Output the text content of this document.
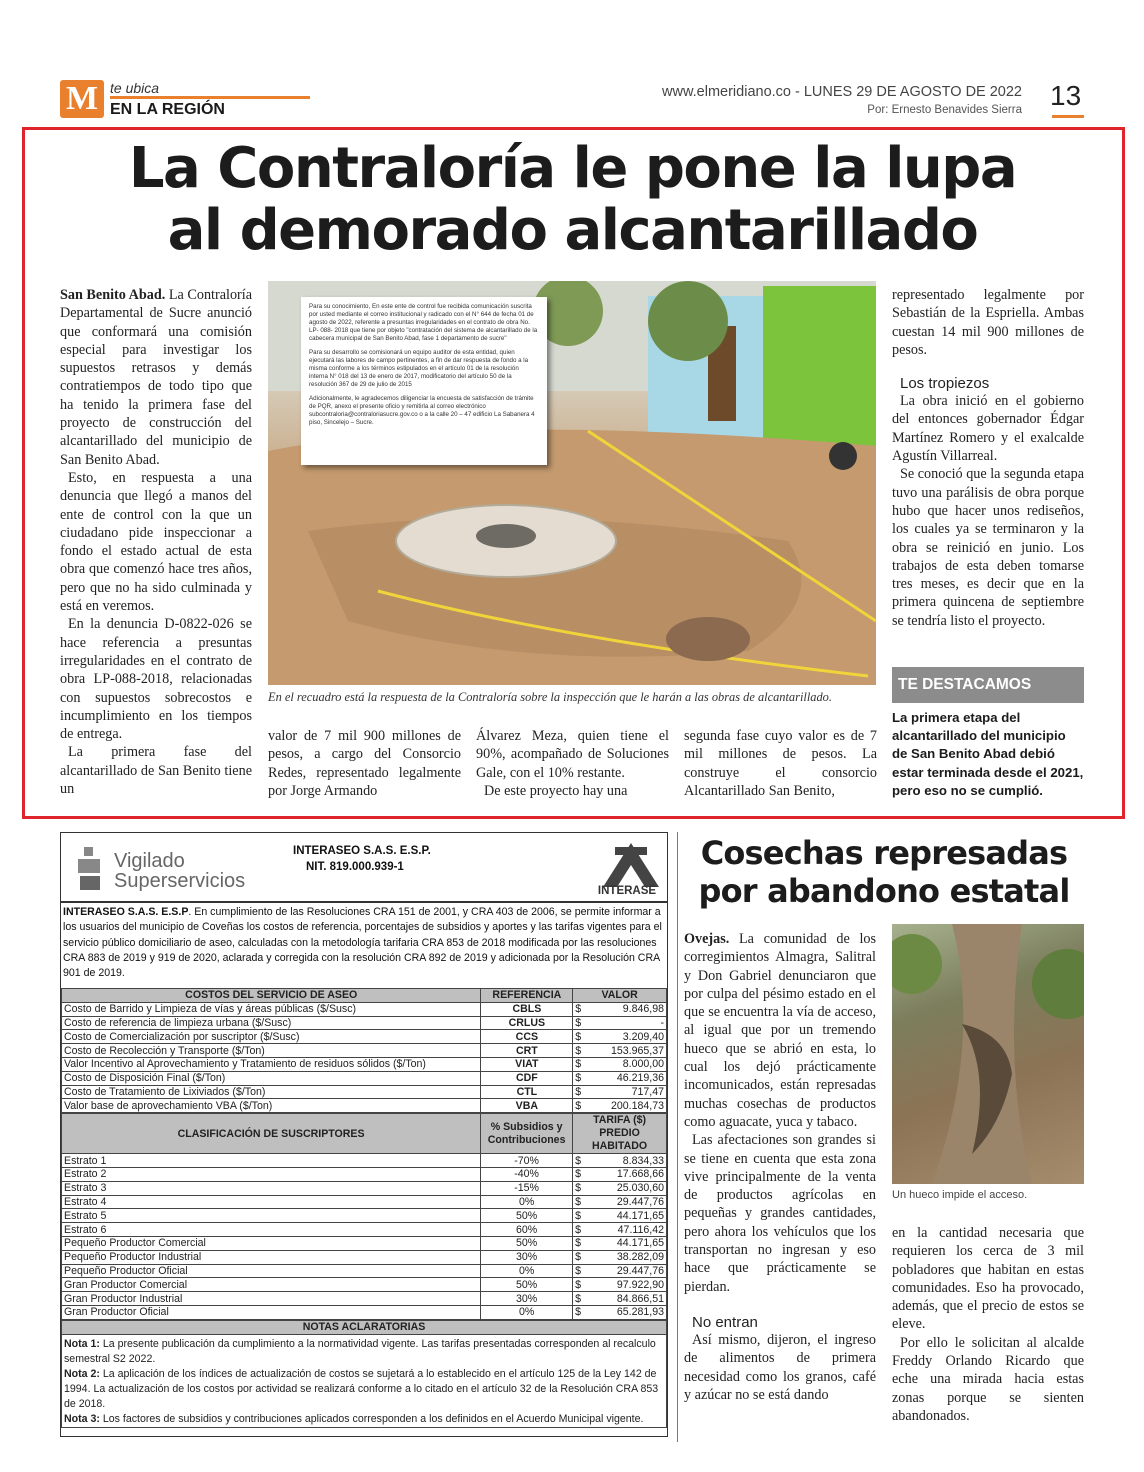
M te ubica
EN LA REGIÓN
www.elmeridiano.co - LUNES 29 DE AGOSTO DE 2022
Por: Ernesto Benavides Sierra 13
La Contraloría le pone la lupa
al demorado alcantarillado

San Benito Abad. La Contraloría Departamental de Sucre anunció que conformará una comisión especial para investigar los supuestos retrasos y demás contratiempos de todo tipo que ha tenido la primera fase del proyecto de construcción del alcantarillado del municipio de San Benito Abad.

Esto, en respuesta a una denuncia que llegó a manos del ente de control con la que un ciudadano pide inspeccionar a fondo el estado actual de esta obra que comenzó hace tres años, pero que no ha sido culminada y está en veremos.

En la denuncia D-0822-026 se hace referencia a presuntas irregularidades en el contrato de obra LP-088-2018, relacionadas con supuestos sobrecostos e incumplimiento en los tiempos de entrega.

La primera fase del alcantarillado de San Benito tiene un

Para su conocimiento, En este ente de control fue recibida comunicación suscrita por usted mediante el correo institucional y radicado con el N° 644 de fecha 01 de agosto de 2022, referente a presuntas irregularidades en el contrato de obra No. LP- 088- 2018 que tiene por objeto "contratación del sistema de alcantarillado de la cabecera municipal de San Benito Abad, fase 1 departamento de sucre"

Para su desarrollo se comisionará un equipo auditor de esta entidad, quien ejecutará las labores de campo pertinentes, a fin de dar respuesta de fondo a la misma conforme a los términos estipulados en el artículo 01 de la resolución interna N° 018 del 13 de enero de 2017, modificatorio del artículo 50 de la resolución 367 de 29 de julio de 2015

Adicionalmente, le agradecemos diligenciar la encuesta de satisfacción de trámite de PQR, anexo el presente oficio y remitirla al correo electrónico subcontraloria@contraloriasucre.gov.co o a la calle 20 – 47 edificio La Sabanera 4 piso, Sincelejo – Sucre.

En el recuadro está la respuesta de la Contraloría sobre la inspección que le harán a las obras de alcantarillado.

valor de 7 mil 900 millones de pesos, a cargo del Consorcio Redes, representado legalmente por Jorge Armando

Álvarez Meza, quien tiene el 90%, acompañado de Soluciones Gale, con el 10% restante.

De este proyecto hay una

segunda fase cuyo valor es de 7 mil millones de pesos. La construye el consorcio Alcantarillado San Benito,

representado legalmente por Sebastián de la Espriella. Ambas cuestan 14 mil 900 millones de pesos.

Los tropiezos

La obra inició en el gobierno del entonces gobernador Édgar Martínez Romero y el exalcalde Agustín Villarreal.

Se conoció que la segunda etapa tuvo una parálisis de obra porque hubo que hacer unos rediseños, los cuales ya se terminaron y la obra se reinició en junio. Los trabajos de esta deben tomarse tres meses, es decir que en la primera quincena de septiembre se tendría listo el proyecto.

TE DESTACAMOS
La primera etapa del alcantarillado del municipio de San Benito Abad debió estar terminada desde el 2021, pero eso no se cumplió.
Vigilado
Superservicios
INTERASEO S.A.S. E.S.P.
NIT. 819.000.939-1
INTERASE
INTERASEO S.A.S. E.S.P. En cumplimiento de las Resoluciones CRA 151 de 2001, y CRA 403 de 2006, se permite informar a los usuarios del municipio de Coveñas los costos de referencia, porcentajes de subsidios y aportes y las tarifas vigentes para el servicio público domiciliario de aseo, calculadas con la metodología tarifaria CRA 853 de 2018 modificada por las resoluciones CRA 883 de 2019 y 919 de 2020, aclarada y corregida con la resolución CRA 892 de 2019 y adicionada por la Resolución CRA 901 de 2019.
COSTOS DEL SERVICIO DE ASEO	REFERENCIA	VALOR	
Costo de Barrido y Limpieza de vías y áreas públicas ($/Susc)	CBLS	$	9.846,98
Costo de referencia de limpieza urbana ($/Susc)	CRLUS	$	-
Costo de Comercialización por suscriptor ($/Susc)	CCS	$	3.209,40
Costo de Recolección y Transporte ($/Ton)	CRT	$	153.965,37
Valor Incentivo al Aprovechamiento y Tratamiento de residuos sólidos ($/Ton)	VIAT	$	8.000,00
Costo de Disposición Final ($/Ton)	CDF	$	46.219,36
Costo de Tratamiento de Lixiviados ($/Ton)	CTL	$	717,47
Valor base de aprovechamiento VBA ($/Ton)	VBA	$	200.184,73
CLASIFICACIÓN DE SUSCRIPTORES	% Subsidios y Contribuciones	TARIFA ($) PREDIO HABITADO	
Estrato 1	-70%	$	8.834,33
Estrato 2	-40%	$	17.668,66
Estrato 3	-15%	$	25.030,60
Estrato 4	0%	$	29.447,76
Estrato 5	50%	$	44.171,65
Estrato 6	60%	$	47.116,42
Pequeño Productor Comercial	50%	$	44.171,65
Pequeño Productor Industrial	30%	$	38.282,09
Pequeño Productor Oficial	0%	$	29.447,76
Gran Productor Comercial	50%	$	97.922,90
Gran Productor Industrial	30%	$	84.866,51
Gran Productor Oficial	0%	$	65.281,93
NOTAS ACLARATORIAS

Nota 1: La presente publicación da cumplimiento a la normatividad vigente. Las tarifas presentadas corresponden al recalculo semestral S2 2022.
Nota 2: La aplicación de los índices de actualización de costos se sujetará a lo establecido en el artículo 125 de la Ley 142 de 1994. La actualización de los costos por actividad se realizará conforme a lo citado en el artículo 32 de la Resolución CRA 853 de 2018.
Nota 3: Los factores de subsidios y contribuciones aplicados corresponden a los definidos en el Acuerdo Municipal vigente.
Cosechas represadas
por abandono estatal

Ovejas. La comunidad de los corregimientos Almagra, Salitral y Don Gabriel denunciaron que por culpa del pésimo estado en el que se encuentra la vía de acceso, al igual que por un tremendo hueco que se abrió en esta, lo cual los dejó prácticamente incomunicados, están represadas muchas cosechas de productos como aguacate, yuca y tabaco.

Las afectaciones son grandes si se tiene en cuenta que esta zona vive principalmente de la venta de productos agrícolas en pequeñas y grandes cantidades, pero ahora los vehículos que los transportan no ingresan y eso hace que prácticamente se pierdan.

No entran

Así mismo, dijeron, el ingreso de alimentos de primera necesidad como los granos, café y azúcar no se está dando

Un hueco impide el acceso.

en la cantidad necesaria que requieren los cerca de 3 mil pobladores que habitan en estas comunidades. Eso ha provocado, además, que el precio de estos se eleve.

Por ello le solicitan al alcalde Freddy Orlando Ricardo que eche una mirada hacia estas zonas porque se sienten abandonados.
